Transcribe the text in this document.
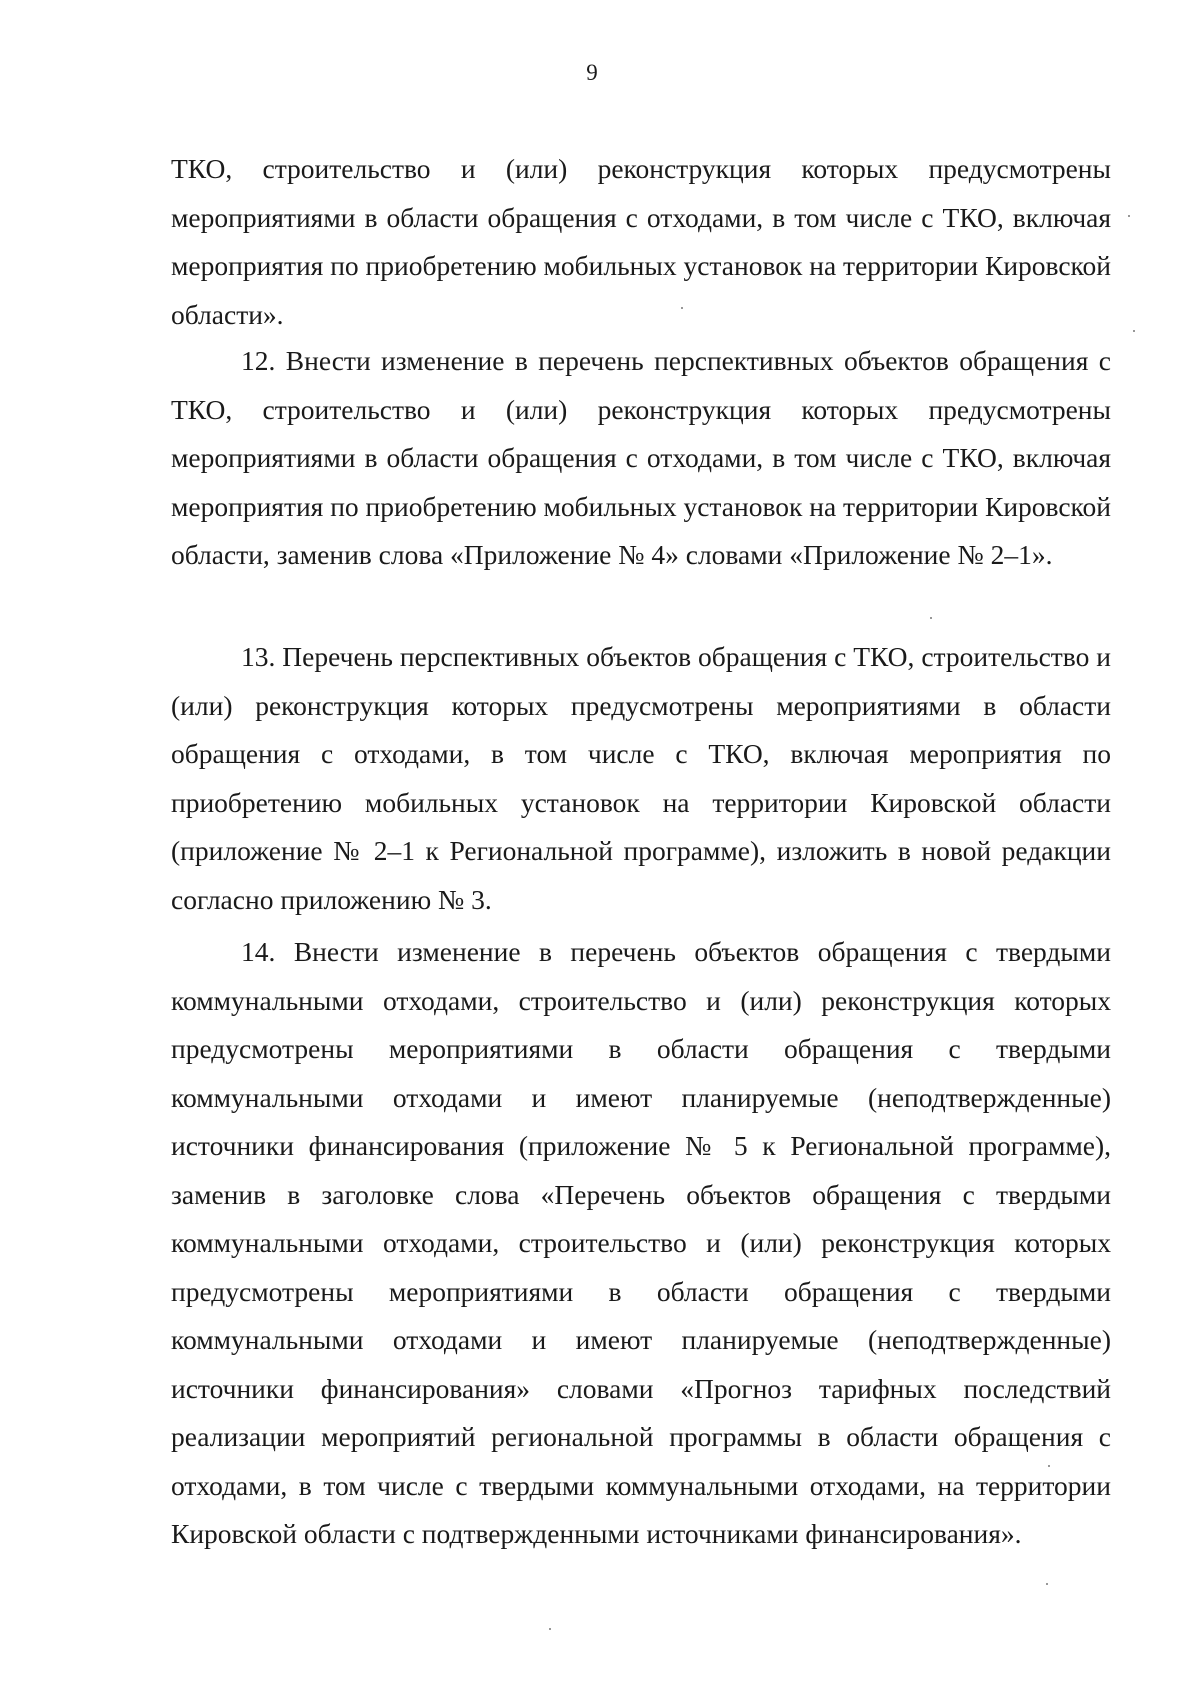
9

ТКО, строительство и (или) реконструкция которых предусмотрены мероприятиями в области обращения с отходами, в том числе с ТКО, включая мероприятия по приобретению мобильных установок на территории Кировской области».

12. Внести изменение в перечень перспективных объектов обращения с ТКО, строительство и (или) реконструкция которых предусмотрены мероприятиями в области обращения с отходами, в том числе с ТКО, включая мероприятия по приобретению мобильных установок на территории Кировской области, заменив слова «Приложение № 4» словами «Приложение № 2–1».

13. Перечень перспективных объектов обращения с ТКО, строительство и (или) реконструкция которых предусмотрены мероприятиями в области обращения с отходами, в том числе с ТКО, включая мероприятия по приобретению мобильных установок на территории Кировской области (приложение № 2–1 к Региональной программе), изложить в новой редакции согласно приложению № 3.

14. Внести изменение в перечень объектов обращения с твердыми коммунальными отходами, строительство и (или) реконструкция которых предусмотрены мероприятиями в области обращения с твердыми коммунальными отходами и имеют планируемые (неподтвержденные) источники финансирования (приложение № 5 к Региональной программе), заменив в заголовке слова «Перечень объектов обращения с твердыми коммунальными отходами, строительство и (или) реконструкция которых предусмотрены мероприятиями в области обращения с твердыми коммунальными отходами и имеют планируемые (неподтвержденные) источники финансирования» словами «Прогноз тарифных последствий реализации мероприятий региональной программы в области обращения с отходами, в том числе с твердыми коммунальными отходами, на территории Кировской области с подтвержденными источниками финансирования».
